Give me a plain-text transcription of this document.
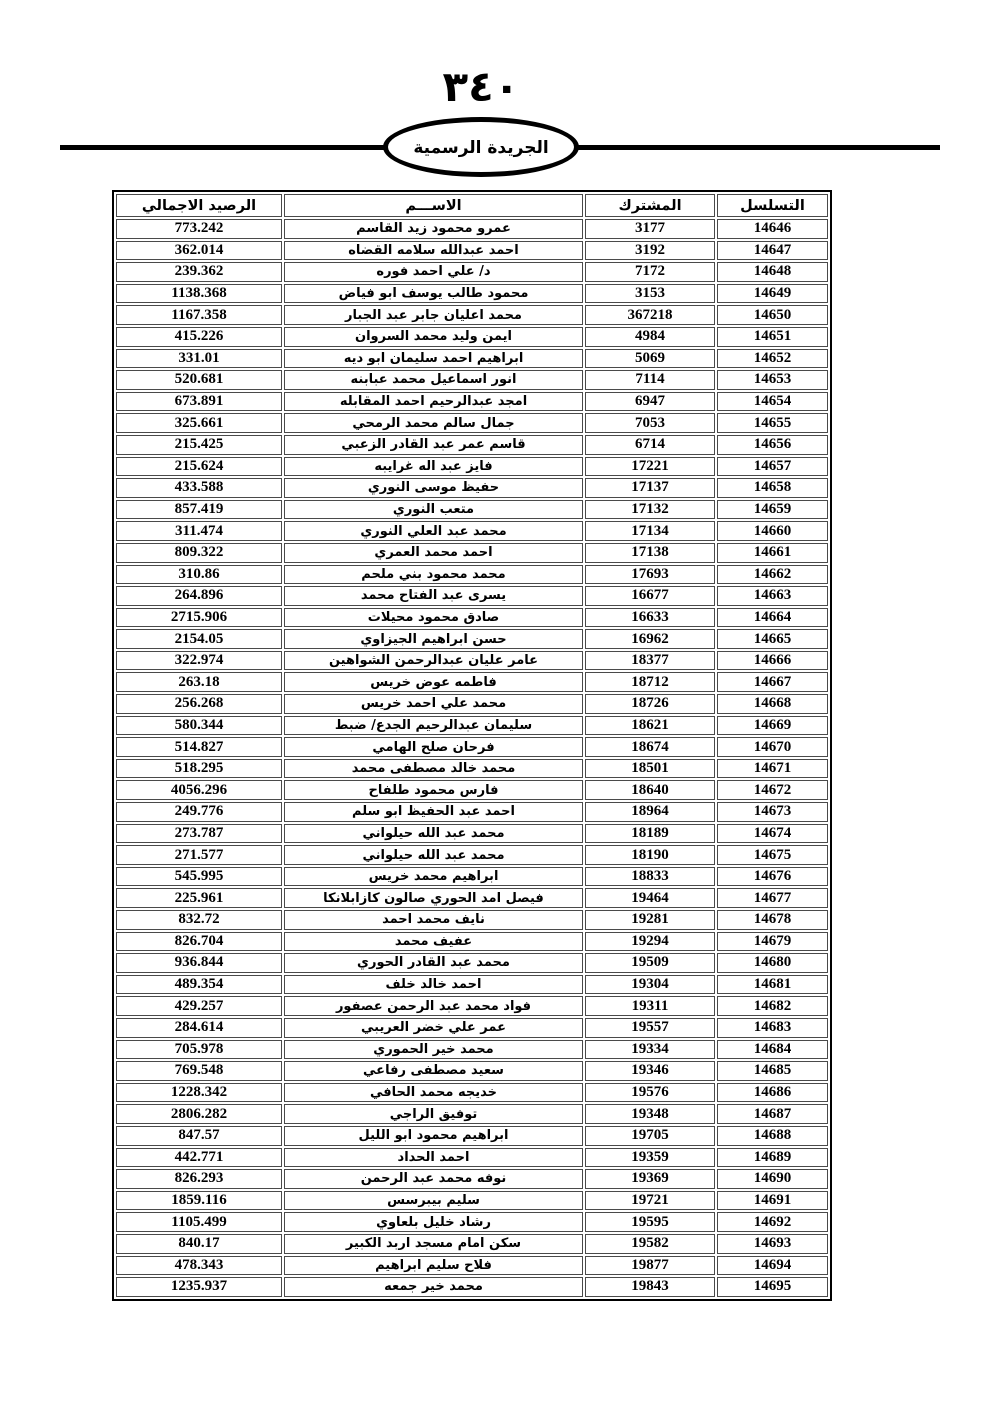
٣٤٠
الجريدة الرسمية
التسلسل	المشترك	الاســـم	الرصيد الاجمالي
14646	3177	عمرو محمود زيد القاسم	773.242
14647	3192	احمد عبدالله سلامه القضاه	362.014
14648	7172	د/ علي احمد فوره	239.362
14649	3153	محمود طالب يوسف ابو فياض	1138.368
14650	367218	محمد اعليان جابر عبد الجبار	1167.358
14651	4984	ايمن وليد محمد السروان	415.226
14652	5069	ابراهيم احمد سليمان ابو ديه	331.01
14653	7114	انور اسماعيل محمد عبابنه	520.681
14654	6947	امجد عبدالرحيم احمد المقابله	673.891
14655	7053	جمال سالم محمد الرمحي	325.661
14656	6714	قاسم عمر عبد القادر الزعبي	215.425
14657	17221	فايز عبد اله غرايبه	215.624
14658	17137	حفيظ موسى النوري	433.588
14659	17132	متعب النوري	857.419
14660	17134	محمد عبد العلي النوري	311.474
14661	17138	احمد محمد العمري	809.322
14662	17693	محمد محمود بني ملحم	310.86
14663	16677	يسرى عبد الفتاح محمد	264.896
14664	16633	صادق محمود محيلات	2715.906
14665	16962	حسن ابراهيم الجيزاوي	2154.05
14666	18377	عامر عليان عبدالرحمن الشواهين	322.974
14667	18712	فاطمه عوض خريس	263.18
14668	18726	محمد علي احمد خريس	256.268
14669	18621	سليمان عبدالرحيم الجدع/ ضبط	580.344
14670	18674	فرحان صلح الهامي	514.827
14671	18501	محمد خالد مصطفى محمد	518.295
14672	18640	فارس محمود طلفاح	4056.296
14673	18964	احمد عبد الحفيظ ابو سلم	249.776
14674	18189	محمد عبد الله حيلواني	273.787
14675	18190	محمد عبد الله حيلواني	271.577
14676	18833	ابراهيم محمد خريس	545.995
14677	19464	فيصل امد الحوري صالون كازابلانكا	225.961
14678	19281	نايف محمد احمد	832.72
14679	19294	عفيف محمد	826.704
14680	19509	محمد عبد القادر الحوري	936.844
14681	19304	احمد خالد خلف	489.354
14682	19311	فواد محمد عبد الرحمن عصفور	429.257
14683	19557	عمر علي خضر العريبي	284.614
14684	19334	محمد خير الحموري	705.978
14685	19346	سعيد مصطفى رفاعي	769.548
14686	19576	خديجه محمد الحافي	1228.342
14687	19348	توفيق الراجي	2806.282
14688	19705	ابراهيم محمود ابو الليل	847.57
14689	19359	احمد الحداد	442.771
14690	19369	نوفه محمد عبد الرحمن	826.293
14691	19721	سليم بيبرسس	1859.116
14692	19595	رشاد خليل بلعاوي	1105.499
14693	19582	سكن امام مسجد اربد الكبير	840.17
14694	19877	فلاح سليم ابراهيم	478.343
14695	19843	محمد خير جمعه	1235.937
